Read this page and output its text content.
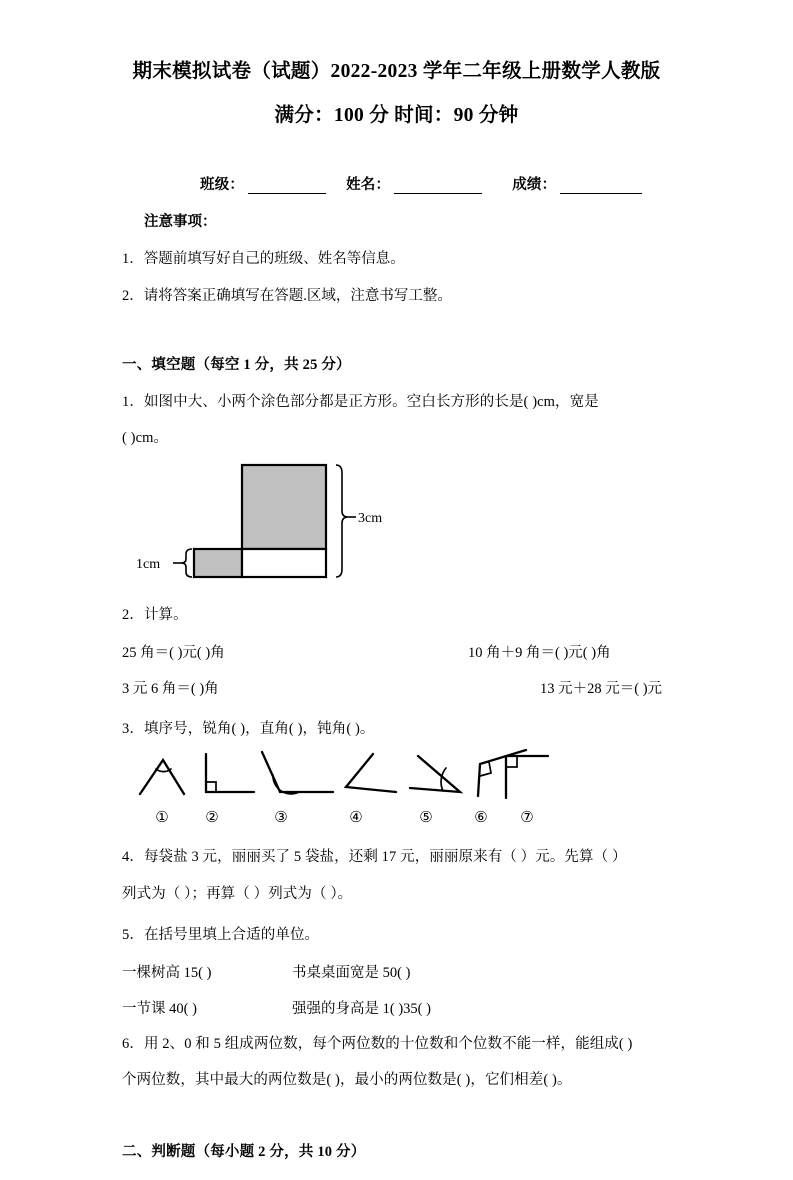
期末模拟试卷（试题）2022-2023 学年二年级上册数学人教版
满分：100 分 时间：90 分钟
班级：	姓名：	成绩：
注意事项：
1．答题前填写好自己的班级、姓名等信息。
2．请将答案正确填写在答题.区域，注意书写工整。
一、填空题（每空 1 分，共 25 分）
1．如图中大、小两个涂色部分都是正方形。空白长方形的长是( )cm，宽是
( )cm。
3cm
1cm
2．计算。
25 角＝( )元( )角	10 角＋9 角＝( )元( )角
3 元 6 角＝( )角	13 元＋28 元＝( )元
3．填序号，锐角( )，直角( )，钝角( )。
① ②	③	④	⑤	⑥ ⑦
4．每袋盐 3 元，丽丽买了 5 袋盐，还剩 17 元，丽丽原来有（ ）元。先算（ ）
列式为（ ）；再算（ ）列式为（ ）。
5．在括号里填上合适的单位。
一棵树高 15( )	书桌桌面宽是 50( )
一节课 40( )	强强的身高是 1( )35( )
6．用 2、0 和 5 组成两位数，每个两位数的十位数和个位数不能一样，能组成( )
个两位数，其中最大的两位数是( )，最小的两位数是( )，它们相差( )。
二、判断题（每小题 2 分，共 10 分）
